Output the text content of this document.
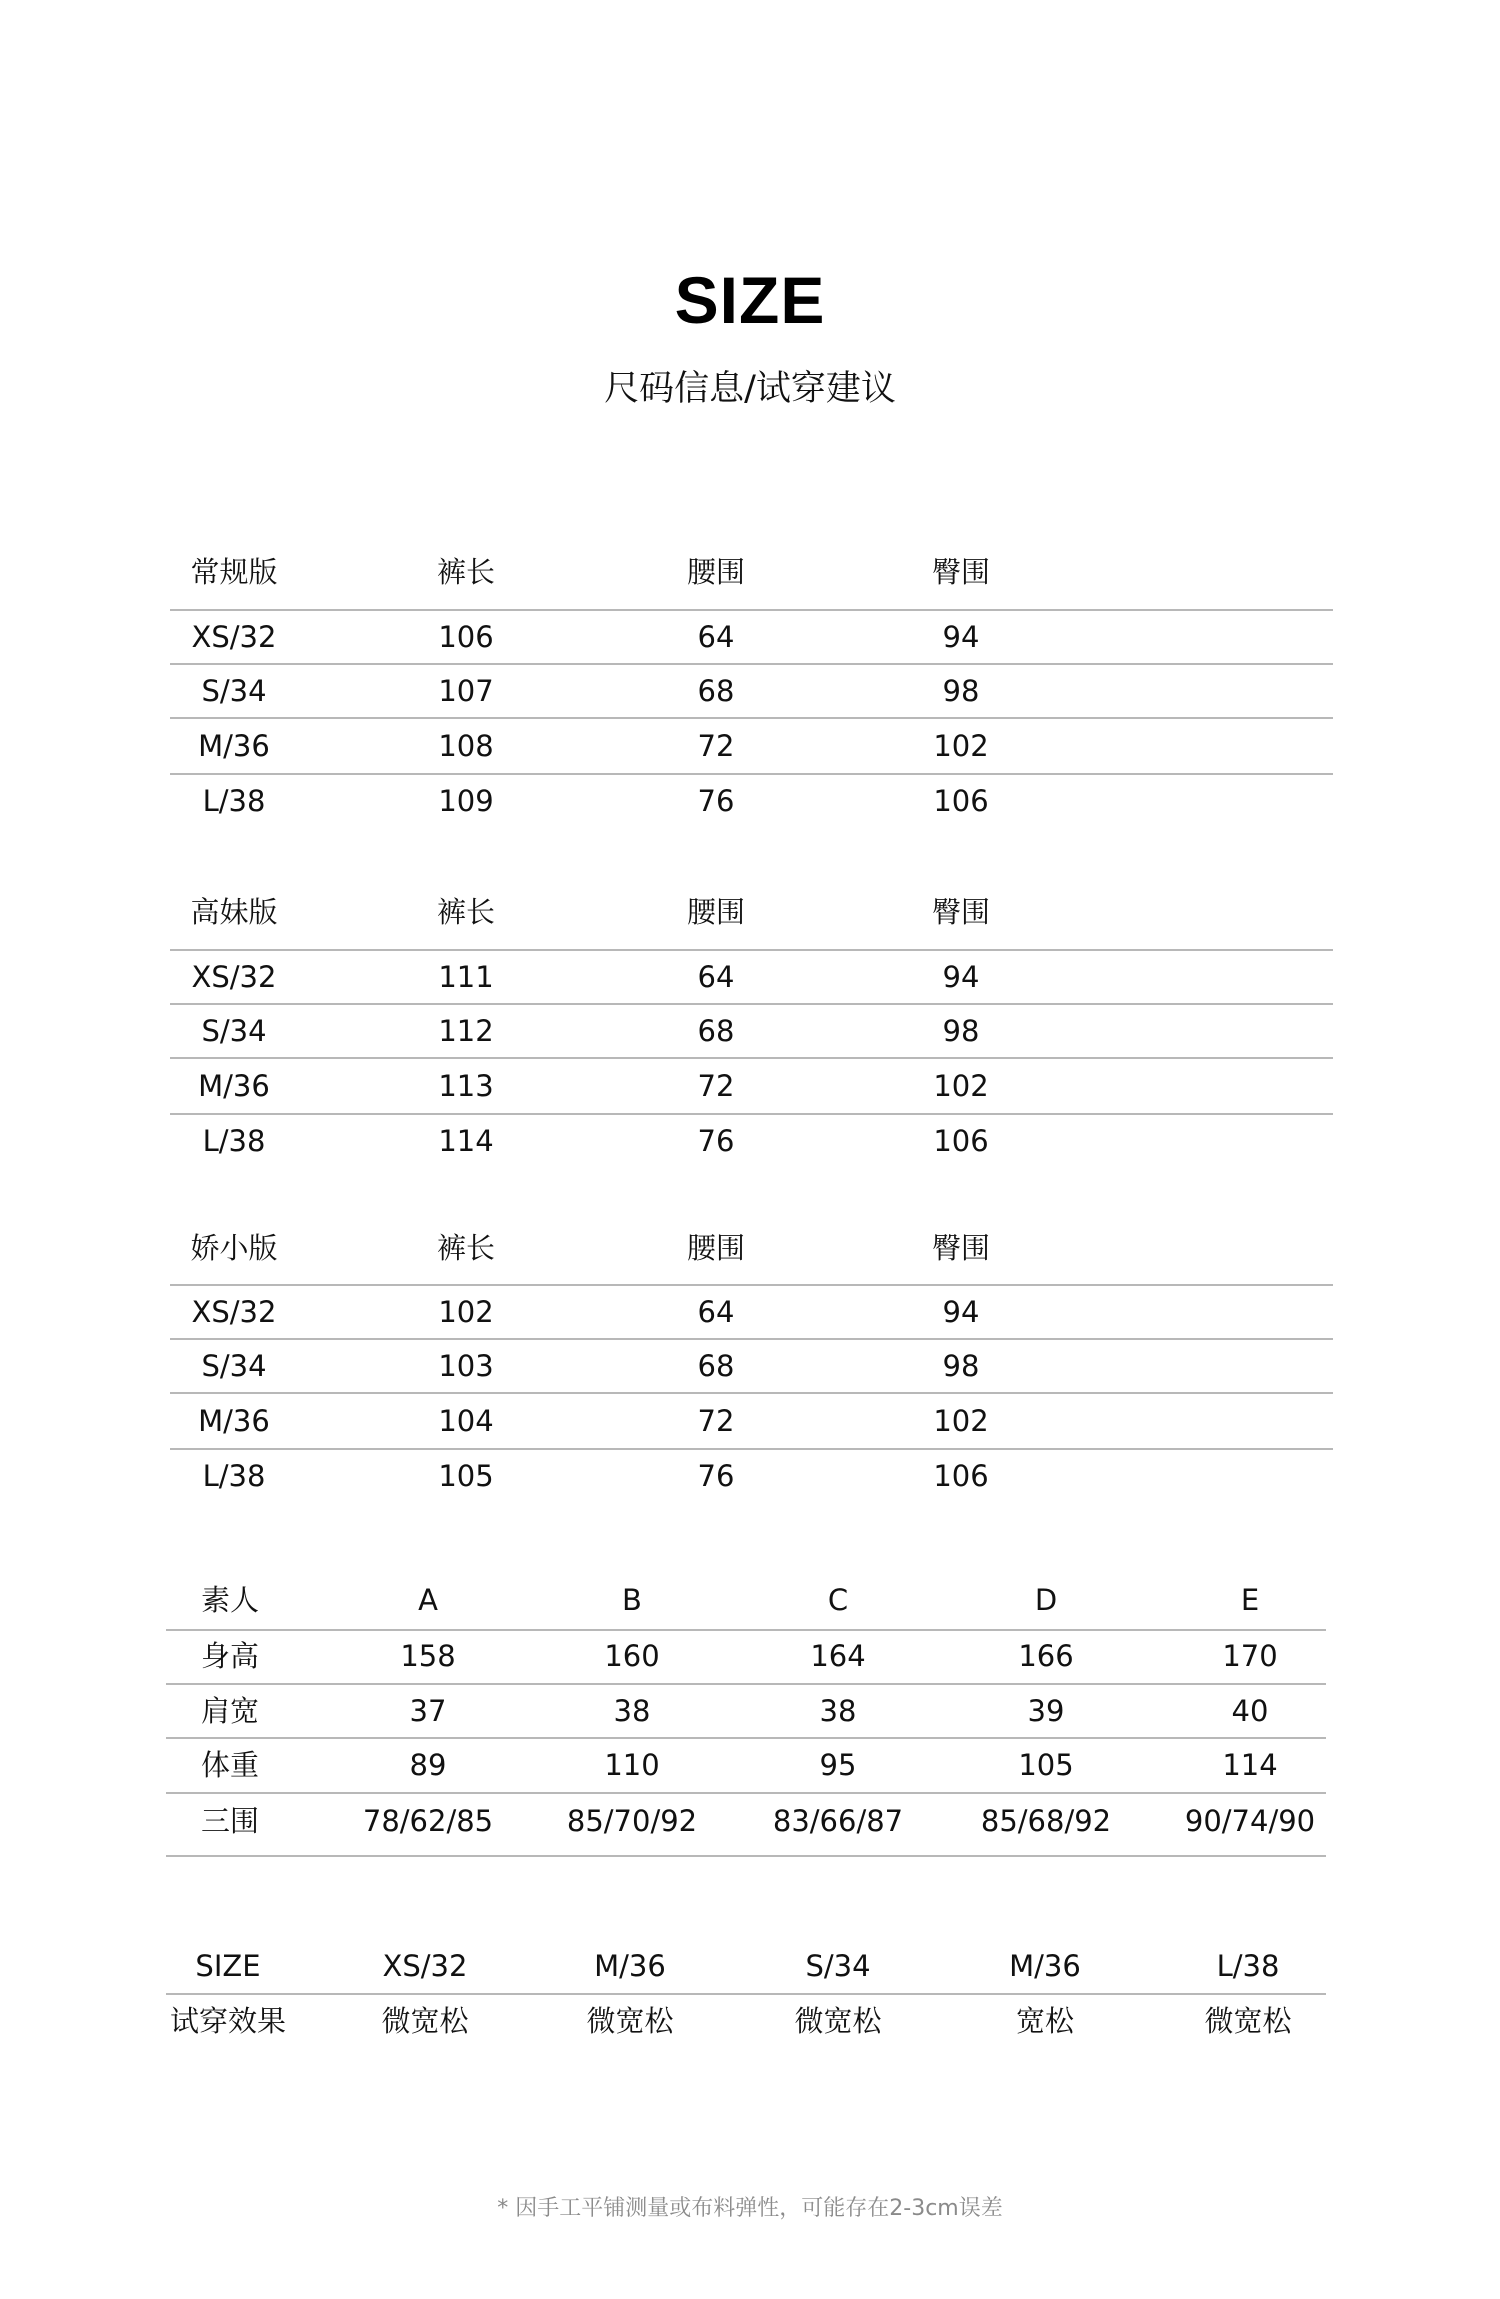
SIZE
尺码信息/试穿建议
常规版	裤长	腰围	臀围
XS/32	106	64	94
S/34	107	68	98
M/36	108	72	102
L/38	109	76	106
高妹版	裤长	腰围	臀围
XS/32	111	64	94
S/34	112	68	98
M/36	113	72	102
L/38	114	76	106
娇小版	裤长	腰围	臀围
XS/32	102	64	94
S/34	103	68	98
M/36	104	72	102
L/38	105	76	106
素人	A	B	C	D	E
身高	158	160	164	166	170
肩宽	37	38	38	39	40
体重	89	110	95	105	114
三围	78/62/85	85/70/92	83/66/87	85/68/92	90/74/90
SIZE	XS/32	M/36	S/34	M/36	L/38
试穿效果	微宽松	微宽松	微宽松	宽松	微宽松
* 因手工平铺测量或布料弹性，可能存在2-3cm误差
